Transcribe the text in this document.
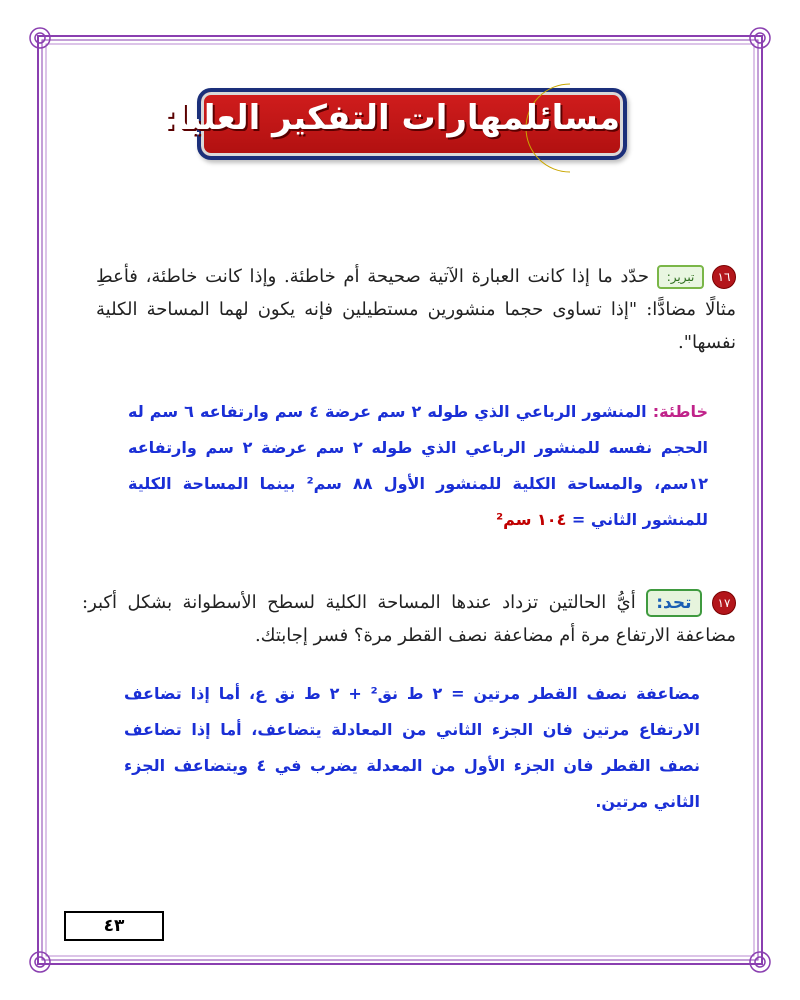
مسائلمهارات التفكير العليا:
١٦ تبرير: حدّد ما إذا كانت العبارة الآتية صحيحة أم خاطئة. وإذا كانت خاطئة، فأعطِ مثالًا مضادًّا: "إذا تساوى حجما منشورين مستطيلين فإنه يكون لهما المساحة الكلية نفسها".
خاطئة: المنشور الرباعي الذي طوله ٢ سم عرضة ٤ سم وارتفاعه ٦ سم له الحجم نفسه للمنشور الرباعي الذي طوله ٢ سم عرضة ٢ سم وارتفاعه ١٢سم، والمساحة الكلية للمنشور الأول ٨٨ سم² بينما المساحة الكلية للمنشور الثاني = ١٠٤ سم²
١٧ تحد: أيُّ الحالتين تزداد عندها المساحة الكلية لسطح الأسطوانة بشكل أكبر: مضاعفة الارتفاع مرة أم مضاعفة نصف القطر مرة؟ فسر إجابتك.
مضاعفة نصف القطر مرتين = ٢ ط نق² + ٢ ط نق ع، أما إذا تضاعف الارتفاع مرتين فان الجزء الثاني من المعادلة يتضاعف، أما إذا تضاعف نصف القطر فان الجزء الأول من المعدلة يضرب في ٤ ويتضاعف الجزء الثاني مرتين.
٤٣
